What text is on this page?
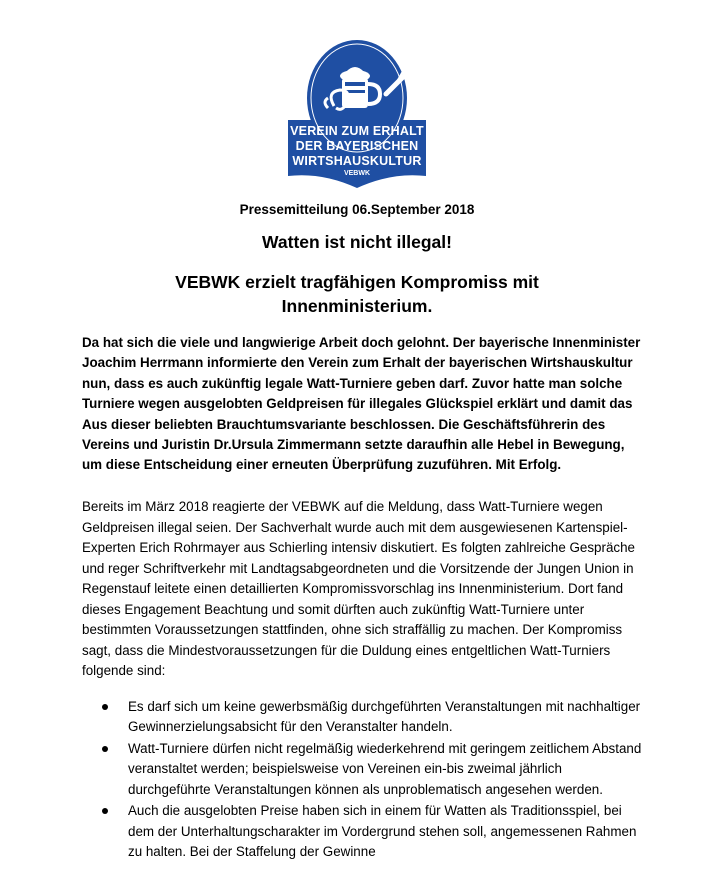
VEREIN ZUM ERHALT
DER BAYERISCHEN
WIRTSHAUSKULTUR
VEBWK
Pressemitteilung 06.September 2018
Watten ist nicht illegal!
VEBWK erzielt tragfähigen Kompromiss mit Innenministerium.

Da hat sich die viele und langwierige Arbeit doch gelohnt. Der bayerische Innenminister Joachim Herrmann informierte den Verein zum Erhalt der bayerischen Wirtshauskultur nun, dass es auch zukünftig legale Watt-Turniere geben darf. Zuvor hatte man solche Turniere wegen ausgelobten Geldpreisen für illegales Glückspiel erklärt und damit das Aus dieser beliebten Brauchtumsvariante beschlossen. Die Geschäftsführerin des Vereins und Juristin Dr.Ursula Zimmermann setzte daraufhin alle Hebel in Bewegung, um diese Entscheidung einer erneuten Überprüfung zuzuführen. Mit Erfolg.

Bereits im März 2018 reagierte der VEBWK auf die Meldung, dass Watt-Turniere wegen Geldpreisen illegal seien. Der Sachverhalt wurde auch mit dem ausgewiesenen Kartenspiel-Experten Erich Rohrmayer aus Schierling intensiv diskutiert. Es folgten zahlreiche Gespräche und reger Schriftverkehr mit Landtagsabgeordneten und die Vorsitzende der Jungen Union in Regenstauf leitete einen detaillierten Kompromissvorschlag ins Innenministerium. Dort fand dieses Engagement Beachtung und somit dürften auch zukünftig Watt-Turniere unter bestimmten Voraussetzungen stattfinden, ohne sich straffällig zu machen. Der Kompromiss sagt, dass die Mindestvoraussetzungen für die Duldung eines entgeltlichen Watt-Turniers folgende sind:

Es darf sich um keine gewerbsmäßig durchgeführten Veranstaltungen mit nachhaltiger Gewinnerzielungsabsicht für den Veranstalter handeln.
Watt-Turniere dürfen nicht regelmäßig wiederkehrend mit geringem zeitlichem Abstand veranstaltet werden; beispielsweise von Vereinen ein-bis zweimal jährlich durchgeführte Veranstaltungen können als unproblematisch angesehen werden.
Auch die ausgelobten Preise haben sich in einem für Watten als Traditionsspiel, bei dem der Unterhaltungscharakter im Vordergrund stehen soll, angemessenen Rahmen zu halten. Bei der Staffelung der Gewinne
